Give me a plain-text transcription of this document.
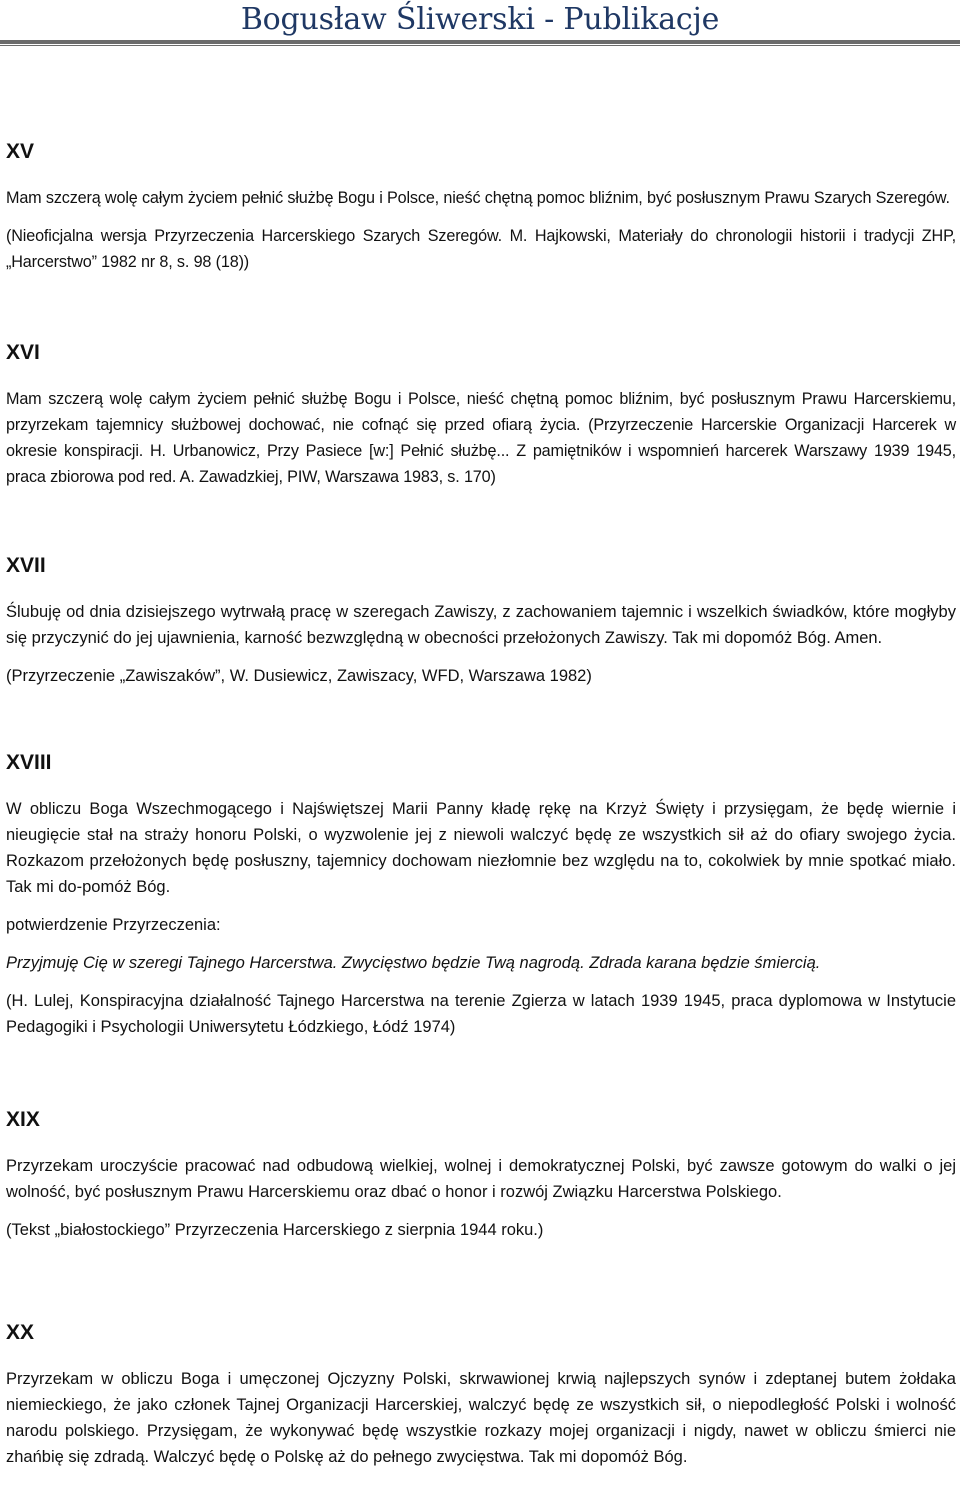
Bogusław Śliwerski - Publikacje
XV

Mam szczerą wolę całym życiem pełnić służbę Bogu i Polsce, nieść chętną pomoc bliźnim, być posłusznym Prawu Szarych Szeregów.

(Nieoficjalna wersja Przyrzeczenia Harcerskiego Szarych Szeregów. M. Hajkowski, Materiały do chronologii historii i tradycji ZHP, „Harcerstwo” 1982 nr 8, s. 98 (18))

XVI

Mam szczerą wolę całym życiem pełnić służbę Bogu i Polsce, nieść chętną pomoc bliźnim, być posłusznym Prawu Harcerskiemu, przyrzekam tajemnicy służbowej dochować, nie cofnąć się przed ofiarą życia. (Przyrzeczenie Harcerskie Organizacji Harcerek w okresie konspiracji. H. Urbanowicz, Przy Pasiece [w:] Pełnić służbę... Z pamiętników i wspomnień harcerek Warszawy 1939 1945, praca zbiorowa pod red. A. Zawadzkiej, PIW, Warszawa 1983, s. 170)

XVII

Ślubuję od dnia dzisiejszego wytrwałą pracę w szeregach Zawiszy, z zachowaniem tajemnic i wszelkich świadków, które mogłyby się przyczynić do jej ujawnienia, karność bezwzględną w obecności przełożonych Zawiszy. Tak mi dopomóż Bóg. Amen.

(Przyrzeczenie „Zawiszaków”, W. Dusiewicz, Zawiszacy, WFD, Warszawa 1982)

XVIII

W obliczu Boga Wszechmogącego i Najświętszej Marii Panny kładę rękę na Krzyż Święty i przysięgam, że będę wiernie i nieugięcie stał na straży honoru Polski, o wyzwolenie jej z niewoli walczyć będę ze wszystkich sił aż do ofiary swojego życia. Rozkazom przełożonych będę posłuszny, tajemnicy dochowam niezłomnie bez względu na to, cokolwiek by mnie spotkać miało. Tak mi do-pomóż Bóg.

potwierdzenie Przyrzeczenia:

Przyjmuję Cię w szeregi Tajnego Harcerstwa. Zwycięstwo będzie Twą nagrodą. Zdrada karana będzie śmiercią.

(H. Lulej, Konspiracyjna działalność Tajnego Harcerstwa na terenie Zgierza w latach 1939 1945, praca dyplomowa w Instytucie Pedagogiki i Psychologii Uniwersytetu Łódzkiego, Łódź 1974)

XIX

Przyrzekam uroczyście pracować nad odbudową wielkiej, wolnej i demokratycznej Polski, być zawsze gotowym do walki o jej wolność, być posłusznym Prawu Harcerskiemu oraz dbać o honor i rozwój Związku Harcerstwa Polskiego.

(Tekst „białostockiego” Przyrzeczenia Harcerskiego z sierpnia 1944 roku.)

XX

Przyrzekam w obliczu Boga i umęczonej Ojczyzny Polski, skrwawionej krwią najlepszych synów i zdeptanej butem żołdaka niemieckiego, że jako członek Tajnej Organizacji Harcerskiej, walczyć będę ze wszystkich sił, o niepodległość Polski i wolność narodu polskiego. Przysięgam, że wykonywać będę wszystkie rozkazy mojej organizacji i nigdy, nawet w obliczu śmierci nie zhańbię się zdradą. Walczyć będę o Polskę aż do pełnego zwycięstwa. Tak mi dopomóż Bóg.
